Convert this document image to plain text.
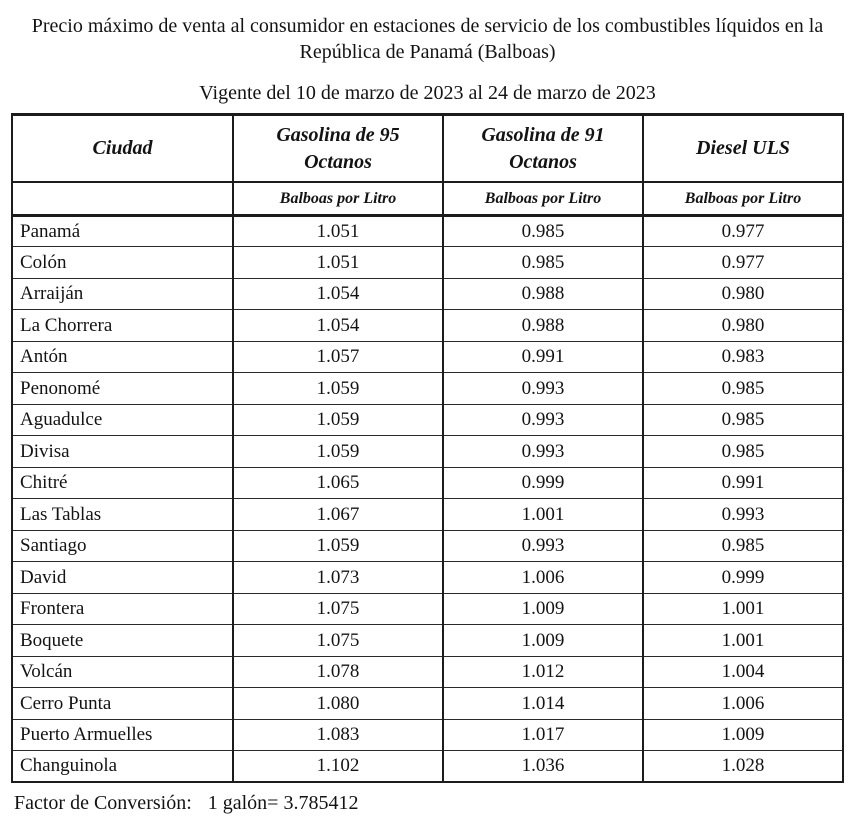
Precio máximo de venta al consumidor en estaciones de servicio de los combustibles líquidos en la República de Panamá (Balboas)
Vigente del 10 de marzo de 2023 al 24 de marzo de 2023
Ciudad	Gasolina de 95 Octanos	Gasolina de 91 Octanos	Diesel ULS
	Balboas por Litro	Balboas por Litro	Balboas por Litro
Panamá	1.051	0.985	0.977
Colón	1.051	0.985	0.977
Arraiján	1.054	0.988	0.980
La Chorrera	1.054	0.988	0.980
Antón	1.057	0.991	0.983
Penonomé	1.059	0.993	0.985
Aguadulce	1.059	0.993	0.985
Divisa	1.059	0.993	0.985
Chitré	1.065	0.999	0.991
Las Tablas	1.067	1.001	0.993
Santiago	1.059	0.993	0.985
David	1.073	1.006	0.999
Frontera	1.075	1.009	1.001
Boquete	1.075	1.009	1.001
Volcán	1.078	1.012	1.004
Cerro Punta	1.080	1.014	1.006
Puerto Armuelles	1.083	1.017	1.009
Changuinola	1.102	1.036	1.028
Factor de Conversión: 1 galón= 3.785412
